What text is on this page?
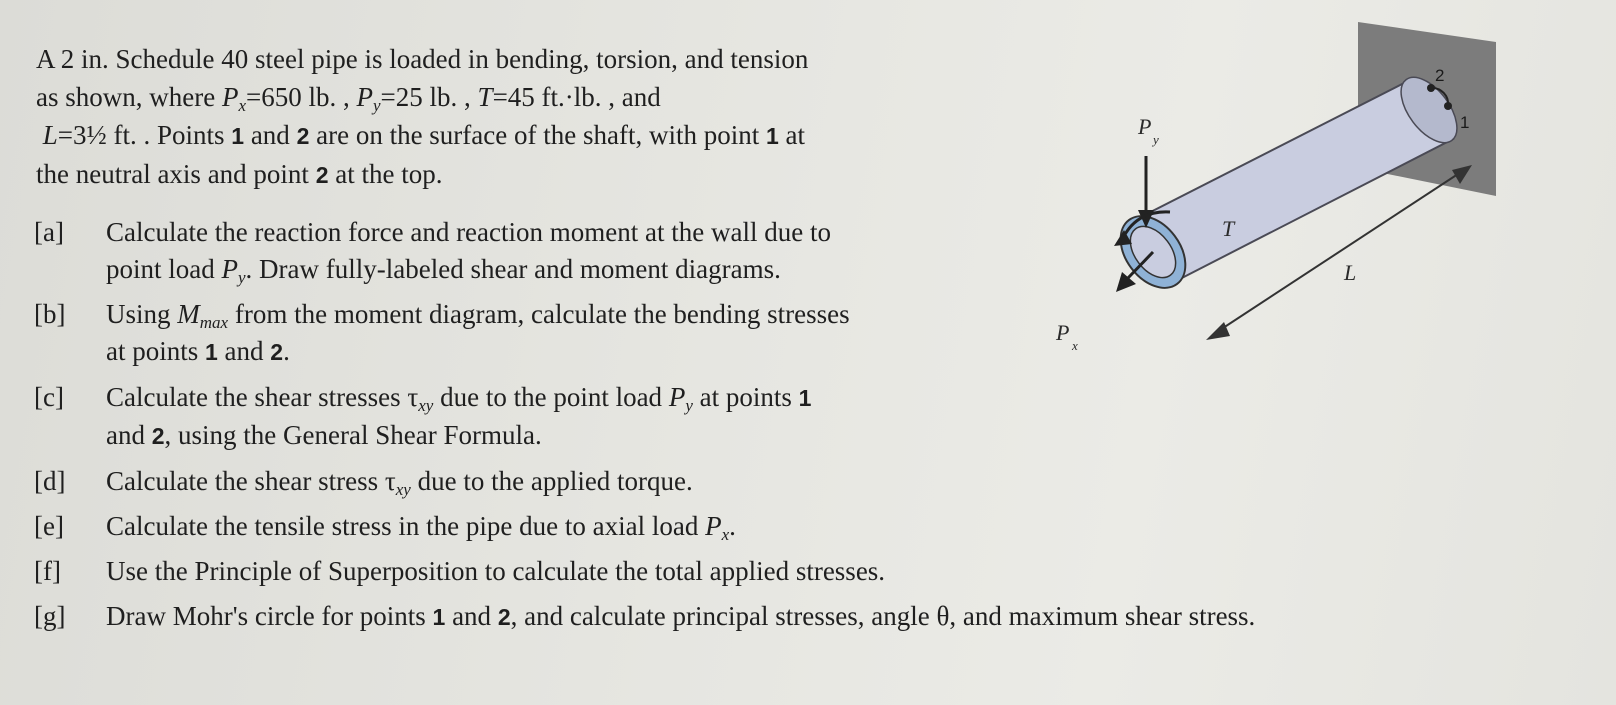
A 2 in. Schedule 40 steel pipe is loaded in bending, torsion, and tension
as shown, where $P_x=650$ lb. , $P_y=25$ lb. , T=45 ft.·lb. , and
L=3½ ft. . Points 1 and 2 are on the surface of the shaft, with point 1 at
the neutral axis and point 2 at the top.
[a] Calculate the reaction force and reaction moment at the wall due to
point load $P_y$. Draw fully-labeled shear and moment diagrams.
[b] Using $M_{max}$ from the moment diagram, calculate the bending stresses
at points 1 and 2.
[c] Calculate the shear stresses $\tau_{xy}$ due to the point load $P_y$ at points 1
and 2, using the General Shear Formula.
[d] Calculate the shear stress $\tau_{xy}$ due to the applied torque.
[e] Calculate the tensile stress in the pipe due to axial load $P_x$.
[f] Use the Principle of Superposition to calculate the total applied stresses.
[g] Draw Mohr's circle for points 1 and 2, and calculate principal stresses, angle θ, and maximum shear stress.
2
1
P
y
T
P
x
L
